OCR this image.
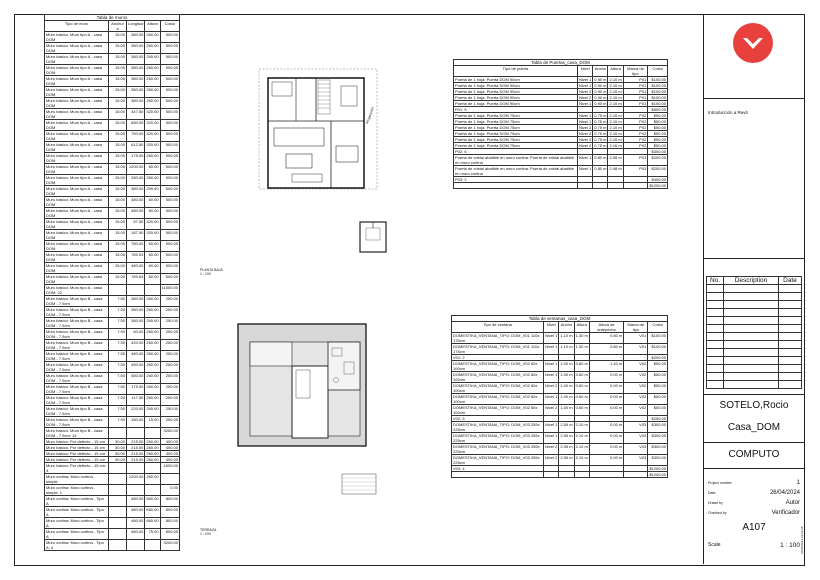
Tabla de muros				
Tipo de muro	Anchur a	Longitud	Altura	Costo
Muro básico: Muro tipo A - casa DOM	15.00	380.00	260.00	500.00
Muro básico: Muro tipo A - casa DOM	15.00	380.00	260.00	500.00
Muro básico: Muro tipo A - casa DOM	15.00	380.00	260.00	500.00
Muro básico: Muro tipo A - casa DOM	15.00	380.00	260.00	500.00
Muro básico: Muro tipo A - casa DOM	15.00	380.00	260.00	500.00
Muro básico: Muro tipo A - casa DOM	15.00	380.00	260.00	500.00
Muro básico: Muro tipo A - casa DOM	15.00	380.00	260.00	500.00
Muro básico: Muro tipo A - casa DOM	15.00	447.50	320.00	500.00
Muro básico: Muro tipo A - casa DOM	15.00	680.00	320.00	500.00
Muro básico: Muro tipo A - casa DOM	15.00	750.00	320.00	500.00
Muro básico: Muro tipo A - casa DOM	15.00	612.50	320.00	500.00
Muro básico: Muro tipo A - casa DOM	15.00	175.00	260.00	500.00
Muro básico: Muro tipo A - casa DOM	15.00	1200.00	60.00	500.00
Muro básico: Muro tipo A - casa DOM	15.00	280.00	260.00	500.00
Muro básico: Muro tipo A - casa DOM	15.00	380.00	259.40	500.00
Muro básico: Muro tipo A - casa DOM	15.00	480.00	60.00	500.00
Muro básico: Muro tipo A - casa DOM	15.00	480.00	60.00	500.00
Muro básico: Muro tipo A - casa DOM	15.00	57.50	320.00	500.00
Muro básico: Muro tipo A - casa DOM	15.00	187.50	320.00	500.00
Muro básico: Muro tipo A - casa DOM	15.00	780.00	60.00	500.00
Muro básico: Muro tipo A - casa DOM	15.00	789.53	60.00	500.00
Muro básico: Muro tipo A - casa DOM	15.00	480.00	60.00	500.00
Muro básico: Muro tipo A - casa DOM	15.00	789.53	60.00	500.00
Muro básico: Muro tipo A - casa DOM: 22				11000.00
Muro básico: Muro tipo B - casa DOM - 7.5cm	7.50	380.00	260.00	250.00
Muro básico: Muro tipo B - casa DOM - 7.5cm	7.50	380.00	260.00	250.00
Muro básico: Muro tipo B - casa DOM - 7.5cm	7.50	380.00	260.00	250.00
Muro básico: Muro tipo B - casa DOM - 7.5cm	7.50	60.00	260.00	250.00
Muro básico: Muro tipo B - casa DOM - 7.5cm	7.50	420.00	260.00	250.00
Muro básico: Muro tipo B - casa DOM - 7.5cm	7.55	480.00	260.00	250.00
Muro básico: Muro tipo B - casa DOM - 7.5cm	7.50	450.00	260.00	250.00
Muro básico: Muro tipo B - casa DOM - 7.5cm	7.50	450.00	260.00	250.00
Muro básico: Muro tipo B - casa DOM - 7.5cm	7.50	175.00	260.00	250.00
Muro básico: Muro tipo B - casa DOM - 7.5cm	7.50	117.50	260.00	250.00
Muro básico: Muro tipo B - casa DOM - 7.5cm	7.50	220.00	260.00	250.00
Muro básico: Muro tipo B - casa DOM - 7.5cm	7.50	180.00	15.00	250.00
Muro básico: Muro tipo B - casa DOM - 7.5cm: 13				3250.00
Muro básico: Por defecto - 15 cm	30.00	215.00	260.00	400.00
Muro básico: Por defecto - 15 cm	30.00	215.00	260.00	400.00
Muro básico: Por defecto - 15 cm	30.00	215.00	260.00	400.00
Muro básico: Por defecto - 15 cm	30.00	215.00	260.00	400.00
Muro básico: Por defecto - 15 cm: 4				1600.00
Muro cortina: Muro cortina - simple		1200.00	260.00	
Muro cortina: Muro cortina - simple: 1				0.00
Muro cortina: Muro cortina - Tipo A		480.00	660.00	800.00
Muro cortina: Muro cortina - Tipo A		480.00	660.00	800.00
Muro cortina: Muro cortina - Tipo A		480.00	660.00	800.00
Muro cortina: Muro cortina - Tipo A		480.00	75.00	800.00
Muro cortina: Muro cortina - Tipo A: 4				3200.00
Proyección
PLANTA BAJA
1 : 100
TERRAZA
1 : 100
Tabla de Puertas_casa_DOM					
Tipo de puerta	Nivel	Ancho	Altura	Marca de tipo	Costo
Puerta de 1 hoja: Puerta DOM 90cm	Nivel 1	0.90 m	2.10 m	P01	$100.00
Puerta de 1 hoja: Puerta DOM 90cm	Nivel 1	0.90 m	2.10 m	P01	$100.00
Puerta de 1 hoja: Puerta DOM 90cm	Nivel 2	0.90 m	2.10 m	P01	$100.00
Puerta de 1 hoja: Puerta DOM 90cm	Nivel 2	0.90 m	2.10 m	P01	$100.00
Puerta de 1 hoja: Puerta DOM 90cm	Nivel 1	0.90 m	2.10 m	P01	$100.00
P01: 5					$500.00
Puerta de 1 hoja: Puerta DOM 75cm	Nivel 1	0.75 m	2.10 m	P02	$50.00
Puerta de 1 hoja: Puerta DOM 75cm	Nivel 1	0.75 m	2.10 m	P02	$50.00
Puerta de 1 hoja: Puerta DOM 75cm	Nivel 2	0.75 m	2.10 m	P02	$50.00
Puerta de 1 hoja: Puerta DOM 75cm	Nivel 2	0.75 m	2.10 m	P02	$50.00
Puerta de 1 hoja: Puerta DOM 75cm	Nivel 2	0.75 m	2.10 m	P02	$50.00
Puerta de 1 hoja: Puerta DOM 75cm	Nivel 2	0.75 m	2.10 m	P02	$50.00
P02: 6					$300.00
Puerta de cristal abatible en muro cortina: Puerta de cristal abatible en muro cortina	Nivel 1	0.80 m	2.08 m	P03	$200.00
Puerta de cristal abatible en muro cortina: Puerta de cristal abatible en muro cortina	Nivel 1	0.80 m	2.08 m	P03	$200.00
P03: 2					$400.00
					$1200.00
Tabla de ventanas_casa_DOM						
Tipo de ventana	Nivel	Ancho	Altura	Altura de antepecho	Marca de tipo	Costo
DOMESTIKA_VENTANA_TIPO: DOM_V01 110x 175cm	Nivel 1	1.10 m	1.30 m	0.80 m	V01	$100.00
DOMESTIKA_VENTANA_TIPO: DOM_V01 110x 175cm	Nivel 1	1.10 m	1.30 m	0.80 m	V01	$100.00
V01: 2						$200.00
DOMESTIKA_VENTANA_TIPO: DOM_V02 60x 100cm	Nivel 1	1.00 m	0.60 m	1.40 m	V02	$50.00
DOMESTIKA_VENTANA_TIPO: DOM_V02 60x 100cm	Nivel 1	1.00 m	0.60 m	0.00 m	V02	$50.00
DOMESTIKA_VENTANA_TIPO: DOM_V02 60x 100cm	Nivel 2	1.00 m	0.60 m	0.00 m	V02	$50.00
DOMESTIKA_VENTANA_TIPO: DOM_V02 60x 100cm	Nivel 1	1.00 m	0.60 m	0.00 m	V02	$50.00
DOMESTIKA_VENTANA_TIPO: DOM_V02 60x 100cm	Nivel 2	1.00 m	0.60 m	0.00 m	V02	$50.00
V02: 5						$250.00
DOMESTIKA_VENTANA_TIPO: DOM_V03 255x 225cm	Nivel 1	2.55 m	2.10 m	0.00 m	V03	$300.00
DOMESTIKA_VENTANA_TIPO: DOM_V03 255x 225cm	Nivel 1	2.55 m	2.10 m	0.00 m	V03	$300.00
DOMESTIKA_VENTANA_TIPO: DOM_V03 255x 225cm	Nivel 2	2.55 m	2.10 m	0.00 m	V03	$300.00
DOMESTIKA_VENTANA_TIPO: DOM_V03 255x 225cm	Nivel 2	2.55 m	2.10 m	0.00 m	V03	$300.00
V03: 4						$1200.00
						$1200.00
Introducción a Revit
No.	Description	Date

SOTELO,Rocio
Casa_DOM
COMPUTO
Project number	1
Date	26/04/2024
Drawn by	Autor
Checked by	Verificador
A107
Scale	1 : 100 26/04/2024 23:10:28
